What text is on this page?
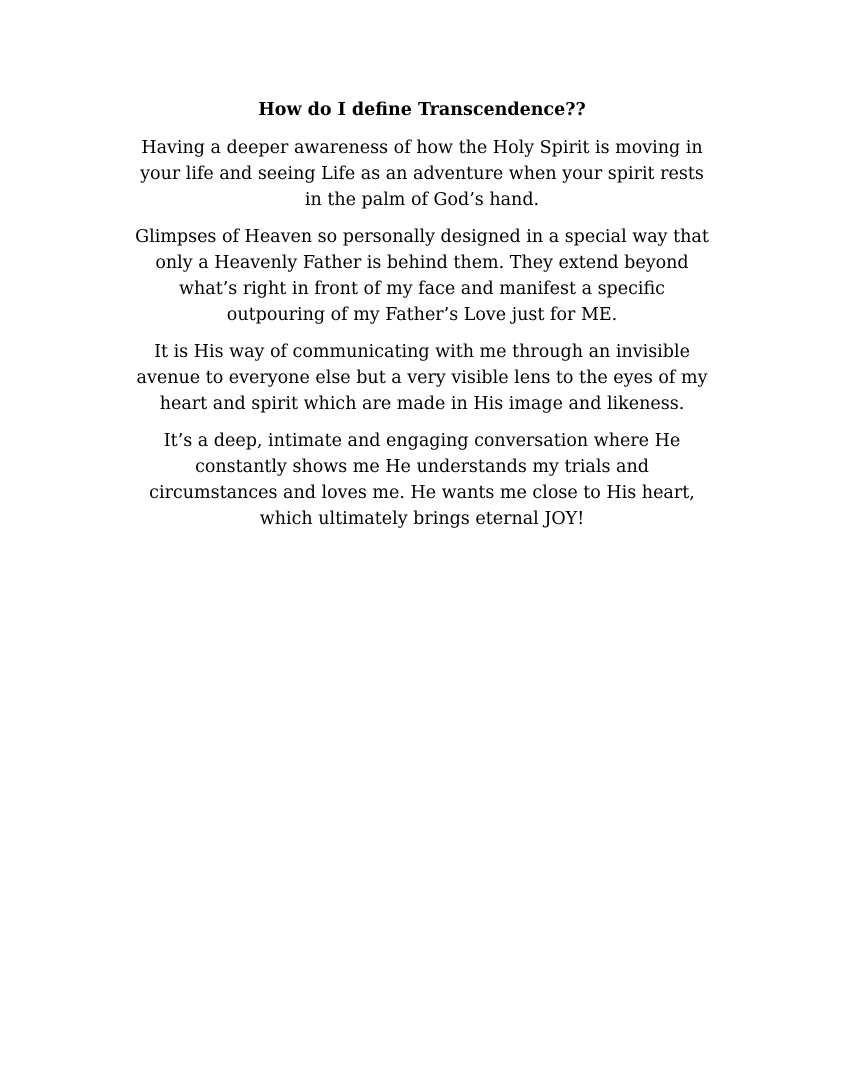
How do I define Transcendence??

Having a deeper awareness of how the Holy Spirit is moving in
your life and seeing Life as an adventure when your spirit rests
in the palm of God’s hand.

Glimpses of Heaven so personally designed in a special way that
only a Heavenly Father is behind them. They extend beyond
what’s right in front of my face and manifest a specific
outpouring of my Father’s Love just for ME.

It is His way of communicating with me through an invisible
avenue to everyone else but a very visible lens to the eyes of my
heart and spirit which are made in His image and likeness.

It’s a deep, intimate and engaging conversation where He
constantly shows me He understands my trials and
circumstances and loves me. He wants me close to His heart,
which ultimately brings eternal JOY!
